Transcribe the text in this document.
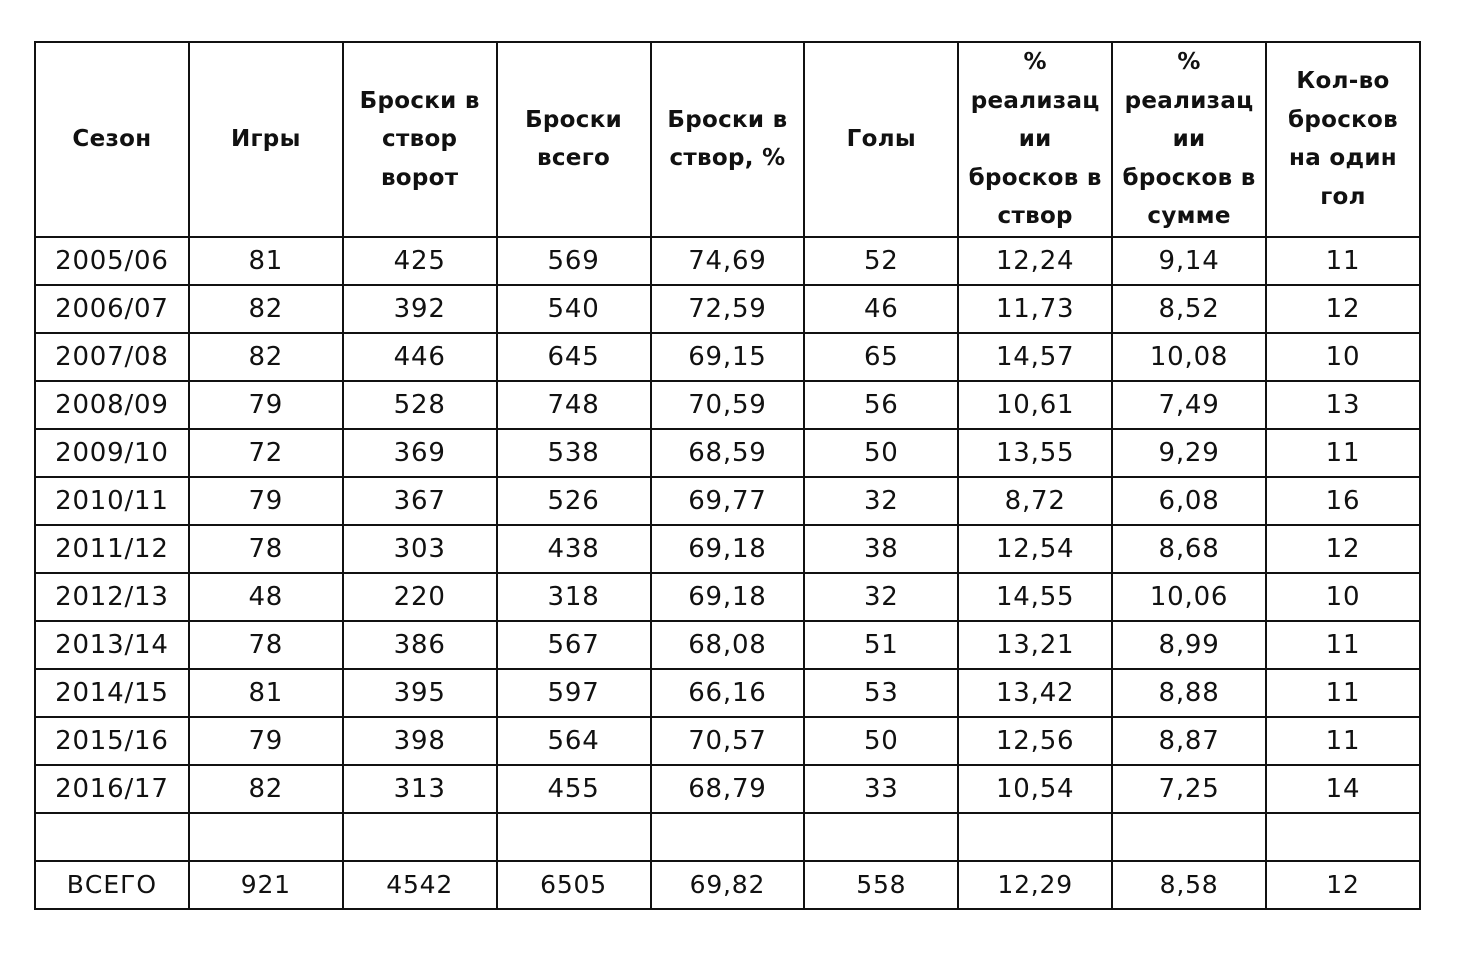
Сезон	Игры	Броски в створ ворот	Броски всего	Броски в створ, %	Голы	% реализац ии бросков в створ	% реализац ии бросков в сумме	Кол-во бросков на один гол
2005/06	81	425	569	74,69	52	12,24	9,14	11
2006/07	82	392	540	72,59	46	11,73	8,52	12
2007/08	82	446	645	69,15	65	14,57	10,08	10
2008/09	79	528	748	70,59	56	10,61	7,49	13
2009/10	72	369	538	68,59	50	13,55	9,29	11
2010/11	79	367	526	69,77	32	8,72	6,08	16
2011/12	78	303	438	69,18	38	12,54	8,68	12
2012/13	48	220	318	69,18	32	14,55	10,06	10
2013/14	78	386	567	68,08	51	13,21	8,99	11
2014/15	81	395	597	66,16	53	13,42	8,88	11
2015/16	79	398	564	70,57	50	12,56	8,87	11
2016/17	82	313	455	68,79	33	10,54	7,25	14

ВСЕГО	921	4542	6505	69,82	558	12,29	8,58	12
